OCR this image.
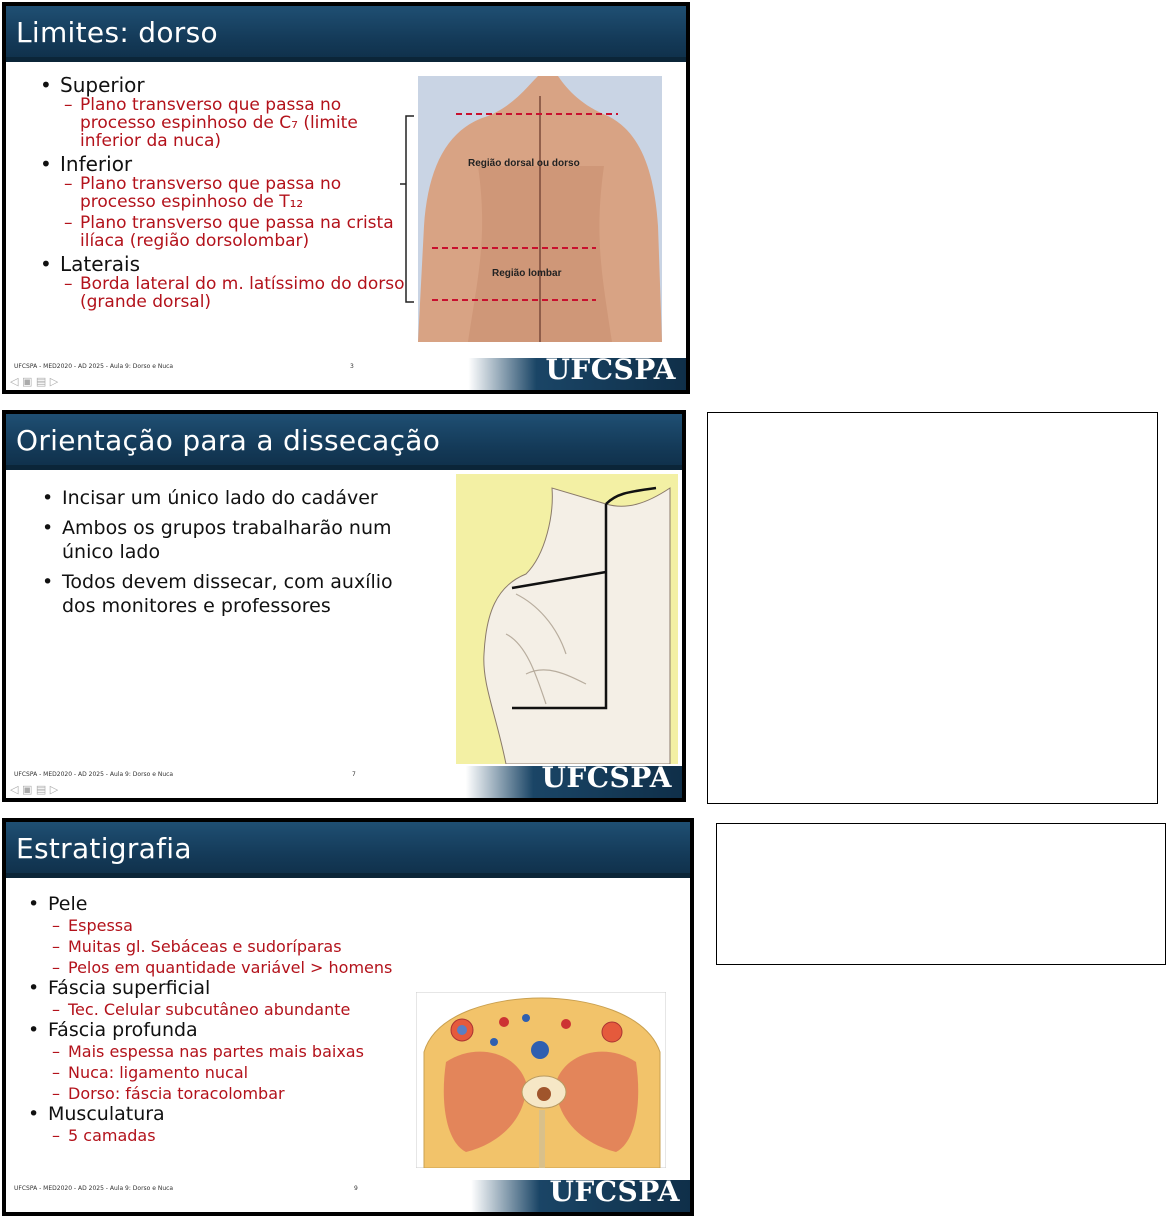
Limites: dorso

• Superior

– Plano transverso que passa no processo espinhoso de C₇ (limite inferior da nuca)

• Inferior

– Plano transverso que passa no processo espinhoso de T₁₂

– Plano transverso que passa na crista ilíaca (região dorsolombar)

• Laterais

– Borda lateral do m. latíssimo do dorso (grande dorsal)

Região dorsal ou dorso
Região lombar
UFCSPA
UFCSPA - MED2020 - AD 2025 - Aula 9: Dorso e Nuca	3
◁ ▣ ▤ ▷
Orientação para a dissecação

• Incisar um único lado do cadáver

• Ambos os grupos trabalharão num único lado

• Todos devem dissecar, com auxílio dos monitores e professores

UFCSPA
UFCSPA - MED2020 - AD 2025 - Aula 9: Dorso e Nuca	7
◁ ▣ ▤ ▷
Estratigrafia

• Pele

– Espessa

– Muitas gl. Sebáceas e sudoríparas

– Pelos em quantidade variável > homens

• Fáscia superficial

– Tec. Celular subcutâneo abundante

• Fáscia profunda

– Mais espessa nas partes mais baixas

– Nuca: ligamento nucal

– Dorso: fáscia toracolombar

• Musculatura

– 5 camadas

UFCSPA
UFCSPA - MED2020 - AD 2025 - Aula 9: Dorso e Nuca	9
